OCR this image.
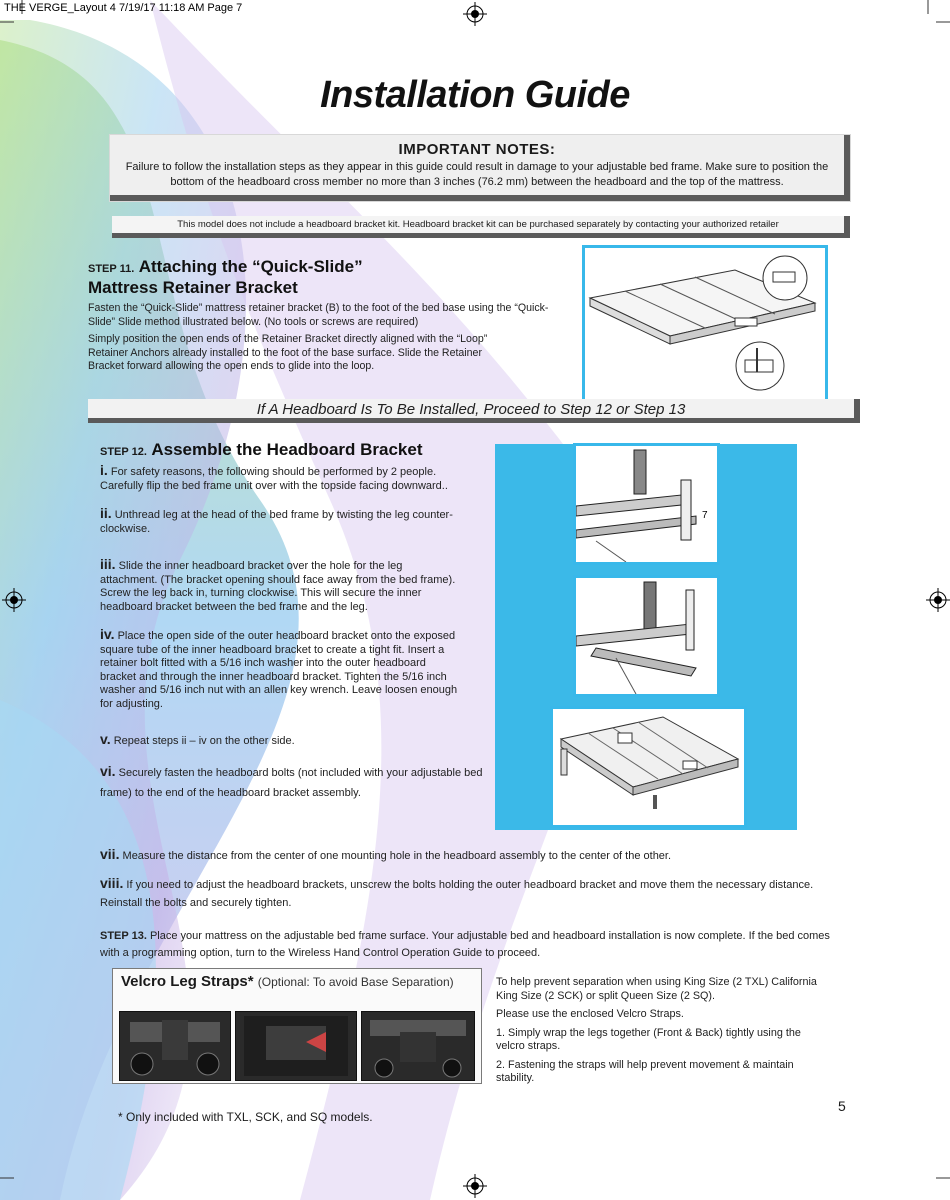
THE VERGE_Layout 4 7/19/17 11:18 AM Page 7
Installation Guide
IMPORTANT NOTES:
Failure to follow the installation steps as they appear in this guide could result in damage to your adjustable bed frame. Make sure to position the bottom of the headboard cross member no more than 3 inches (76.2 mm) between the headboard and the top of the mattress.
This model does not include a headboard bracket kit. Headboard bracket kit can be purchased separately by contacting your authorized retailer
STEP 11. Attaching the “Quick-Slide”
Mattress Retainer Bracket

Fasten the “Quick-Slide” mattress retainer bracket (B) to the foot of the bed base using the “Quick-Slide” Slide method illustrated below. (No tools or screws are required)

Simply position the open ends of the Retainer Bracket directly aligned with the “Loop” Retainer Anchors already installed to the foot of the base surface. Slide the Retainer Bracket forward allowing the open ends to glide into the loop.

If A Headboard Is To Be Installed, Proceed to Step 12 or Step 13
7
STEP 12. Assemble the Headboard Bracket

i. For safety reasons, the following should be performed by 2 people. Carefully flip the bed frame unit over with the topside facing downward..

ii. Unthread leg at the head of the bed frame by twisting the leg counter-clockwise.

iii. Slide the inner headboard bracket over the hole for the leg attachment. (The bracket opening should face away from the bed frame). Screw the leg back in, turning clockwise. This will secure the inner headboard bracket between the bed frame and the leg.

iv. Place the open side of the outer headboard bracket onto the exposed square tube of the inner headboard bracket to create a tight fit. Insert a retainer bolt fitted with a 5/16 inch washer into the outer headboard bracket and through the inner headboard bracket. Tighten the 5/16 inch washer and 5/16 inch nut with an allen key wrench. Leave loosen enough for adjusting.

v. Repeat steps ii – iv on the other side.

vi. Securely fasten the headboard bolts (not included with your adjustable bed frame) to the end of the headboard bracket assembly.

vii. Measure the distance from the center of one mounting hole in the headboard assembly to the center of the other.

viii. If you need to adjust the headboard brackets, unscrew the bolts holding the outer headboard bracket and move them the necessary distance. Reinstall the bolts and securely tighten.

STEP 13. Place your mattress on the adjustable bed frame surface. Your adjustable bed and headboard installation is now complete. If the bed comes with a programming option, turn to the Wireless Hand Control Operation Guide to proceed.

Velcro Leg Straps* (Optional: To avoid Base Separation)	To help prevent separation when using King Size (2 TXL) California King Size (2 SCK) or split Queen Size (2 SQ).

Please use the enclosed Velcro Straps.

1. Simply wrap the legs together (Front & Back) tightly using the velcro straps.

2. Fastening the straps will help prevent movement & maintain stability.

* Only included with TXL, SCK, and SQ models.
5
